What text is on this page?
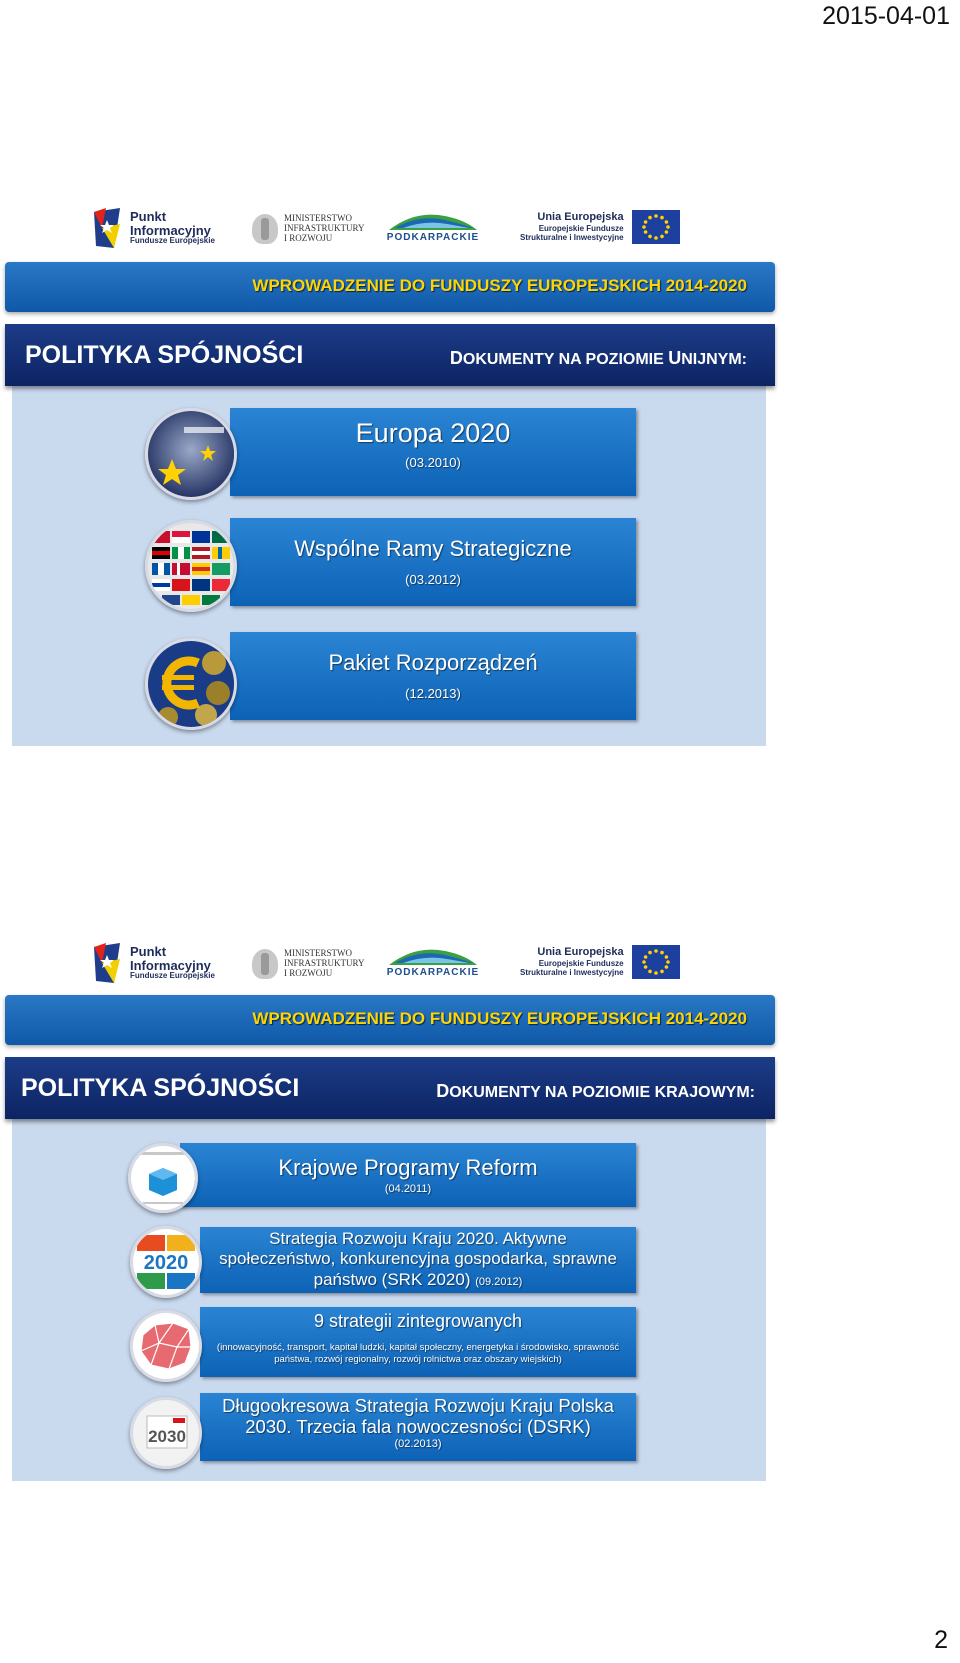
2015-04-01
Punkt
Informacyjny
Fundusze Europejskie
MINISTERSTWO
INFRASTRUKTURY
I ROZWOJU	PODKARPACKIE
Unia Europejska
Europejskie Fundusze
Strukturalne i Inwestycyjne
WPROWADZENIE DO FUNDUSZY EUROPEJSKICH 2014-2020
POLITYKA SPÓJNOŚCI	DOKUMENTY NA POZIOMIE UNIJNYM:
Europa 2020
(03.2010)
Wspólne Ramy Strategiczne
(03.2012)
Pakiet Rozporządzeń
(12.2013)
Punkt
Informacyjny
Fundusze Europejskie
MINISTERSTWO
INFRASTRUKTURY
I ROZWOJU	PODKARPACKIE
Unia Europejska
Europejskie Fundusze
Strukturalne i Inwestycyjne
WPROWADZENIE DO FUNDUSZY EUROPEJSKICH 2014-2020
POLITYKA SPÓJNOŚCI	DOKUMENTY NA POZIOMIE KRAJOWYM:
Krajowe Programy Reform
(04.2011)
Strategia Rozwoju Kraju 2020. Aktywne społeczeństwo, konkurencyjna gospodarka, sprawne państwo (SRK 2020) (09.2012)
2020
9 strategii zintegrowanych
(innowacyjność, transport, kapitał ludzki, kapitał społeczny, energetyka i środowisko, sprawność państwa, rozwój regionalny, rozwój rolnictwa oraz obszary wiejskich)
Długookresowa Strategia Rozwoju Kraju Polska 2030. Trzecia fala nowoczesności (DSRK)
(02.2013)
2030
2
